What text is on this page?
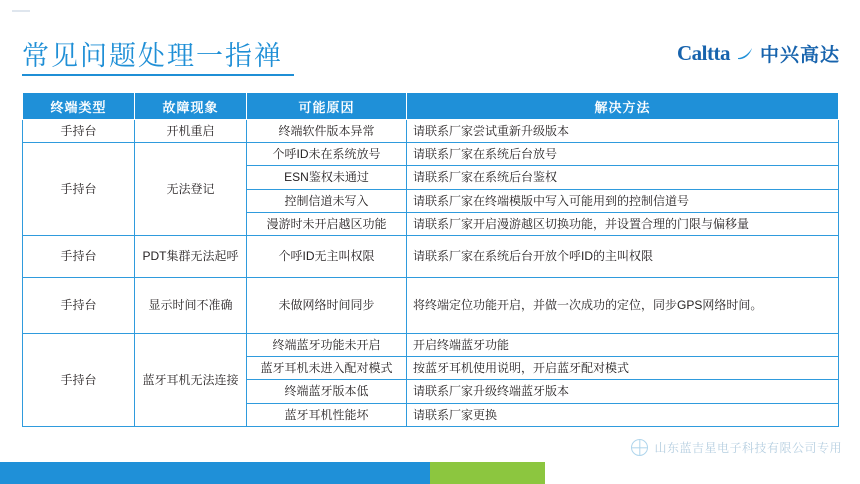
常见问题处理一指禅	Caltta 中兴高达
终端类型	故障现象	可能原因	解决方法
手持台	开机重启	终端软件版本异常	请联系厂家尝试重新升级版本
手持台	无法登记	个呼ID未在系统放号	请联系厂家在系统后台放号
		ESN鉴权未通过	请联系厂家在系统后台鉴权
		控制信道未写入	请联系厂家在终端模版中写入可能用到的控制信道号
		漫游时未开启越区功能	请联系厂家开启漫游越区切换功能，并设置合理的门限与偏移量
手持台	PDT集群无法起呼	个呼ID无主叫权限	请联系厂家在系统后台开放个呼ID的主叫权限
手持台	显示时间不准确	未做网络时间同步	将终端定位功能开启，并做一次成功的定位，同步GPS网络时间。
手持台	蓝牙耳机无法连接	终端蓝牙功能未开启	开启终端蓝牙功能
		蓝牙耳机未进入配对模式	按蓝牙耳机使用说明，开启蓝牙配对模式
		终端蓝牙版本低	请联系厂家升级终端蓝牙版本
		蓝牙耳机性能坏	请联系厂家更换
山东蓝吉星电子科技有限公司专用
